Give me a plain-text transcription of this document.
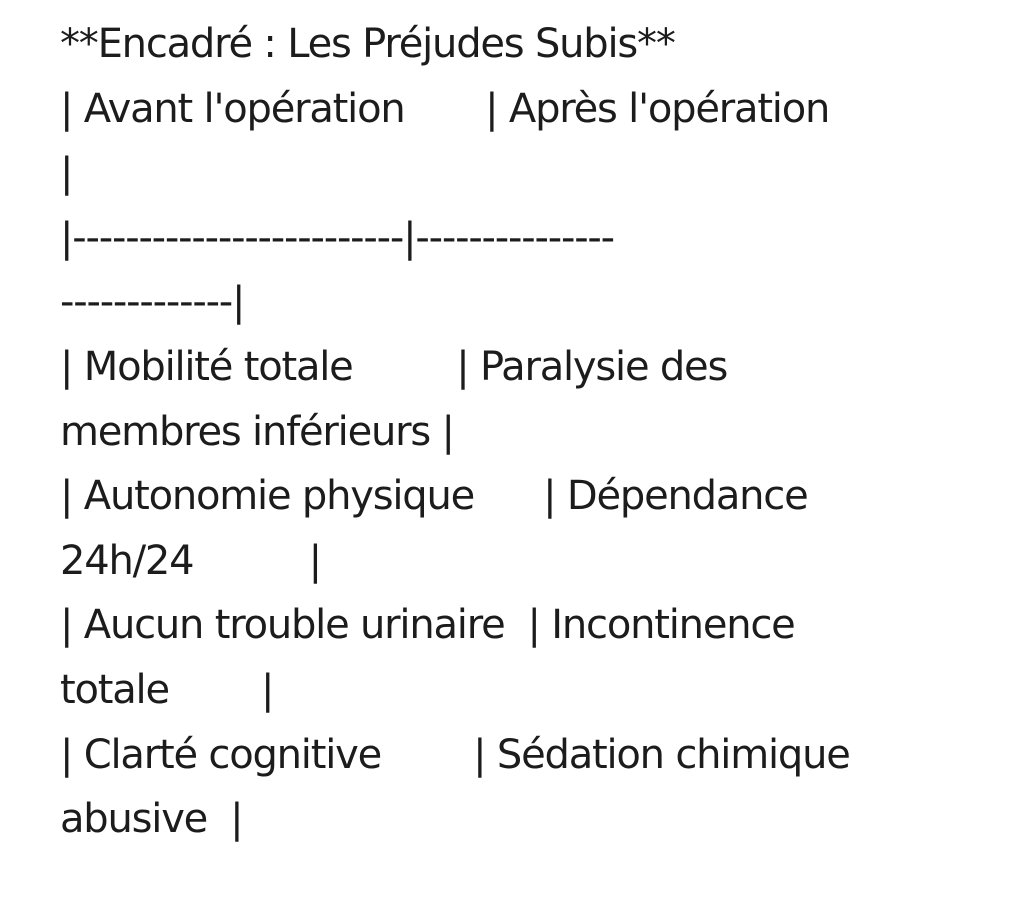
**Encadré : Les Préjudes Subis**
| Avant l'opération       | Après l'opération
|
|-------------------------|---------------
-------------|
| Mobilité totale         | Paralysie des
membres inférieurs |
| Autonomie physique      | Dépendance
24h/24          |
| Aucun trouble urinaire  | Incontinence
totale        |
| Clarté cognitive        | Sédation chimique
abusive  |
